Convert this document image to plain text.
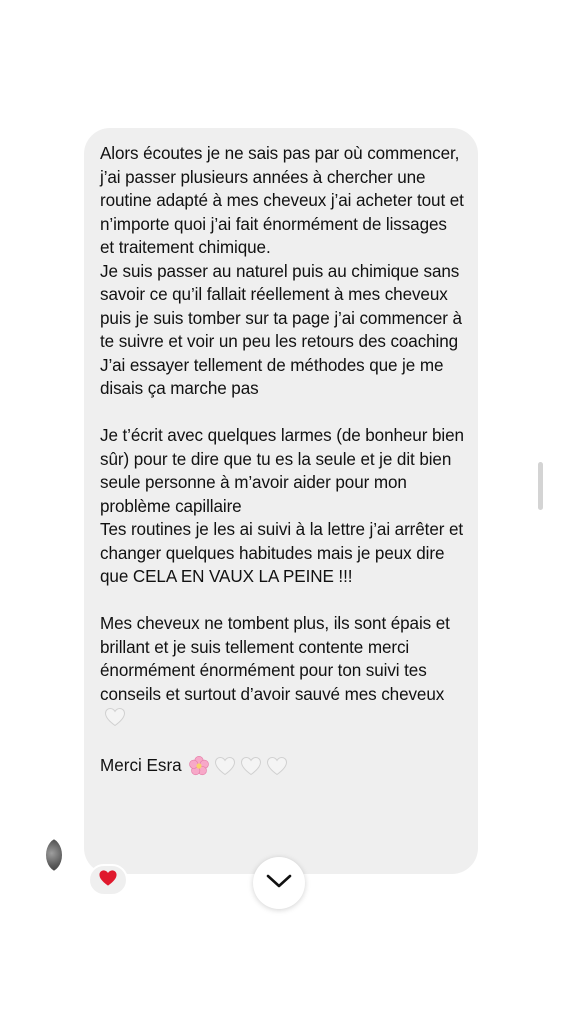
Alors écoutes je ne sais pas par où commencer, j’ai passer plusieurs années à chercher une routine adapté à mes cheveux j’ai acheter tout et n’importe quoi j’ai fait énormément de lissages et traitement chimique.

Je suis passer au naturel puis au chimique sans savoir ce qu’il fallait réellement à mes cheveux puis je suis tomber sur ta page j’ai commencer à te suivre et voir un peu les retours des coaching

J’ai essayer tellement de méthodes que je me disais ça marche pas

Je t’écrit avec quelques larmes (de bonheur bien sûr) pour te dire que tu es la seule et je dit bien seule personne à m’avoir aider pour mon problème capillaire

Tes routines je les ai suivi à la lettre j’ai arrêter et changer quelques habitudes mais je peux dire que CELA EN VAUX LA PEINE !!!

Mes cheveux ne tombent plus, ils sont épais et brillant et je suis tellement contente merci énormément énormément pour ton suivi tes conseils et surtout d’avoir sauvé mes cheveux

Merci Esra
